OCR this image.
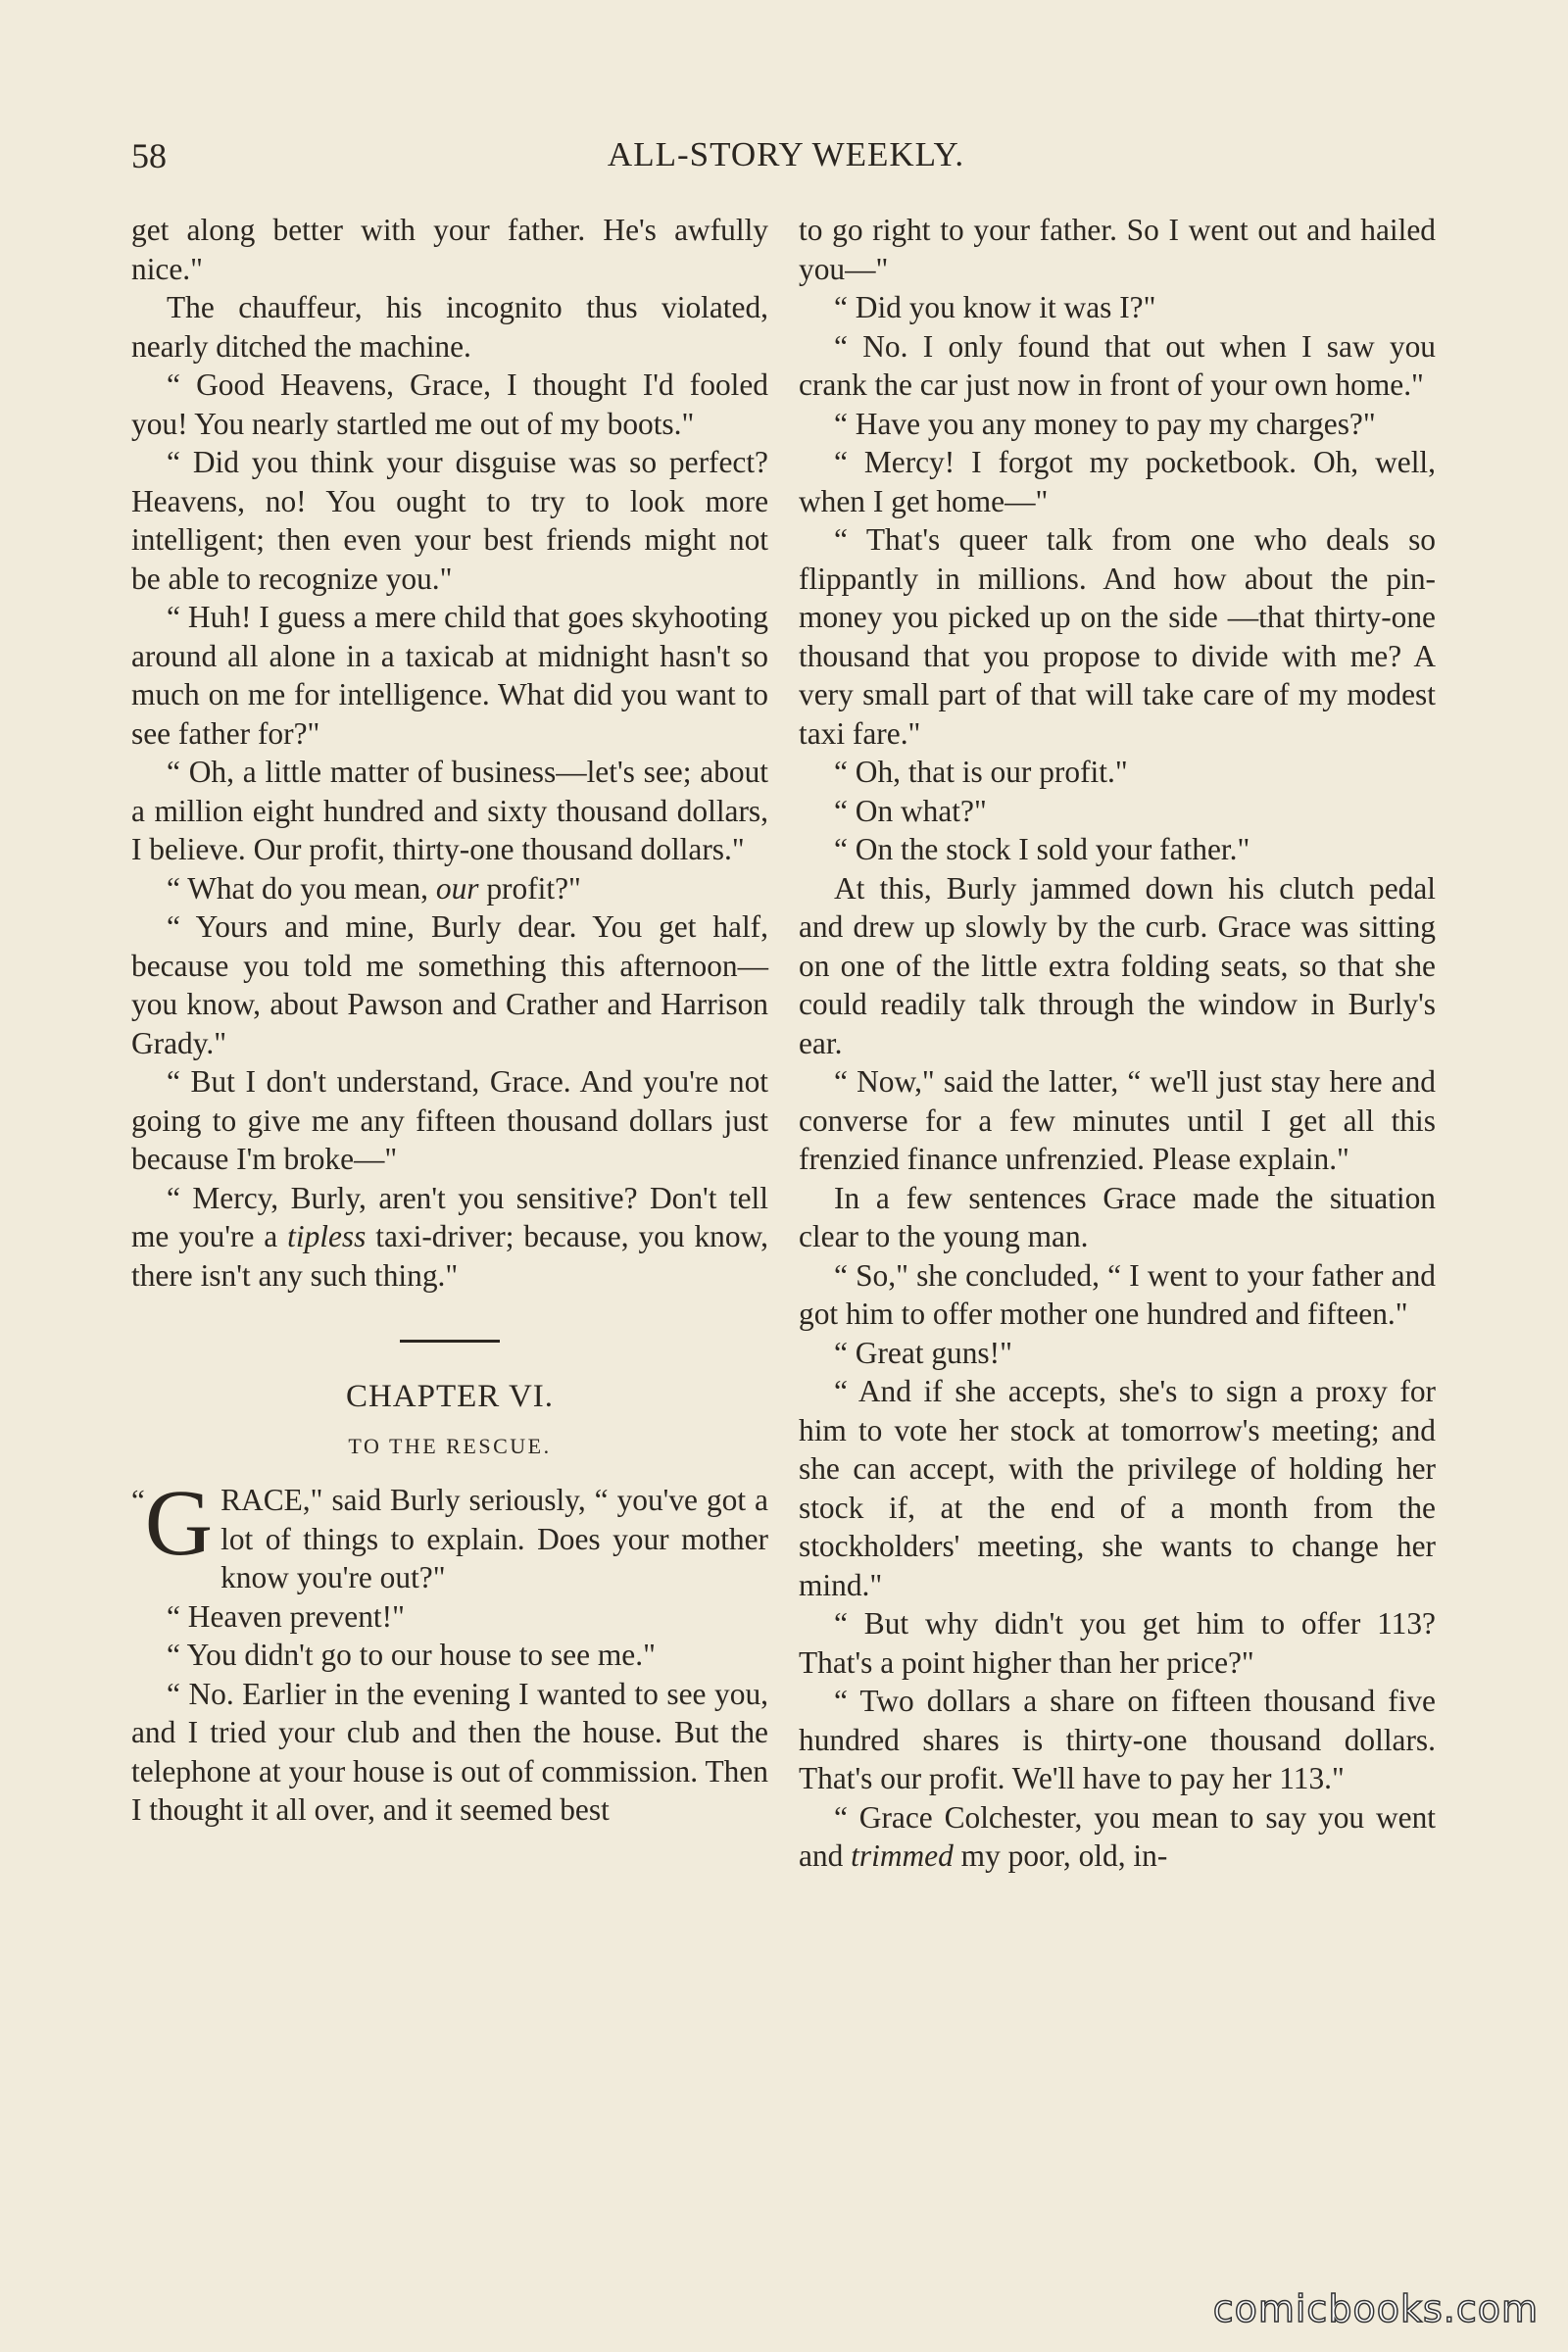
58	ALL-STORY WEEKLY.

get along better with your father. He's awfully nice."

The chauffeur, his incognito thus violated, nearly ditched the machine.

“ Good Heavens, Grace, I thought I'd fooled you! You nearly startled me out of my boots."

“ Did you think your disguise was so perfect? Heavens, no! You ought to try to look more intelligent; then even your best friends might not be able to recognize you."

“ Huh! I guess a mere child that goes skyhooting around all alone in a taxicab at midnight hasn't so much on me for intelligence. What did you want to see father for?"

“ Oh, a little matter of business—let's see; about a million eight hundred and sixty thousand dollars, I believe. Our profit, thirty-one thousand dollars."

“ What do you mean, our profit?"

“ Yours and mine, Burly dear. You get half, because you told me something this afternoon—you know, about Pawson and Crather and Harrison Grady."

“ But I don't understand, Grace. And you're not going to give me any fifteen thousand dollars just because I'm broke—"

“ Mercy, Burly, aren't you sensitive? Don't tell me you're a tipless taxi-driver; because, you know, there isn't any such thing."

CHAPTER VI.
TO THE RESCUE.

“ G RACE," said Burly seriously, “ you've got a lot of things to explain. Does your mother know you're out?"

“ Heaven prevent!"

“ You didn't go to our house to see me."

“ No. Earlier in the evening I wanted to see you, and I tried your club and then the house. But the telephone at your house is out of commission. Then I thought it all over, and it seemed best

to go right to your father. So I went out and hailed you—"

“ Did you know it was I?"

“ No. I only found that out when I saw you crank the car just now in front of your own home."

“ Have you any money to pay my charges?"

“ Mercy! I forgot my pocketbook. Oh, well, when I get home—"

“ That's queer talk from one who deals so flippantly in millions. And how about the pin-money you picked up on the side —that thirty-one thousand that you propose to divide with me? A very small part of that will take care of my modest taxi fare."

“ Oh, that is our profit."

“ On what?"

“ On the stock I sold your father."

At this, Burly jammed down his clutch pedal and drew up slowly by the curb. Grace was sitting on one of the little extra folding seats, so that she could readily talk through the window in Burly's ear.

“ Now," said the latter, “ we'll just stay here and converse for a few minutes until I get all this frenzied finance unfrenzied. Please explain."

In a few sentences Grace made the situation clear to the young man.

“ So," she concluded, “ I went to your father and got him to offer mother one hundred and fifteen."

“ Great guns!"

“ And if she accepts, she's to sign a proxy for him to vote her stock at tomorrow's meeting; and she can accept, with the privilege of holding her stock if, at the end of a month from the stockholders' meeting, she wants to change her mind."

“ But why didn't you get him to offer 113? That's a point higher than her price?"

“ Two dollars a share on fifteen thousand five hundred shares is thirty-one thousand dollars. That's our profit. We'll have to pay her 113."

“ Grace Colchester, you mean to say you went and trimmed my poor, old, in-

comicbooks.com
